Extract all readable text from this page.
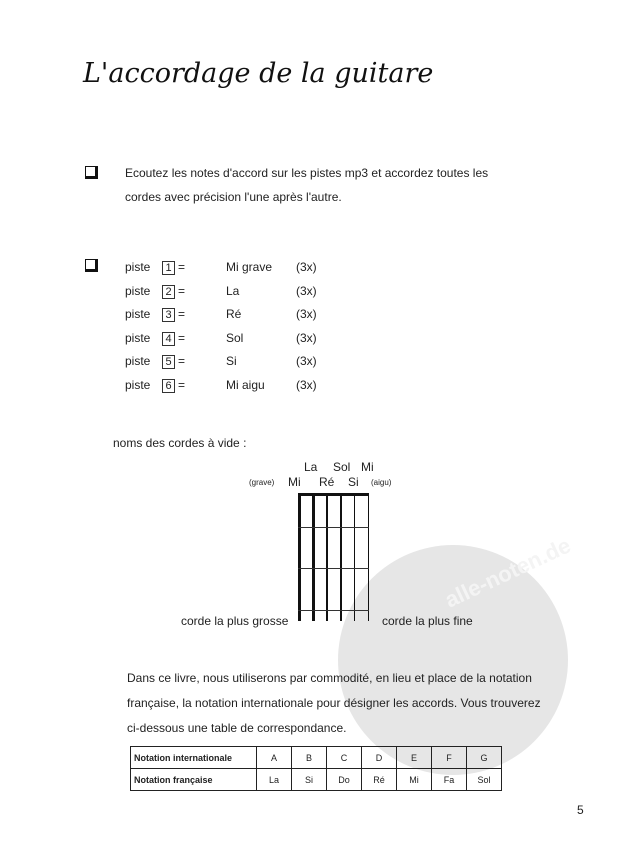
alle-noten.de
L'accordage de la guitare
Ecoutez les notes d'accord sur les pistes mp3 et accordez toutes les
cordes avec précision l'une après l'autre.
piste	1 =	Mi grave (3x)
piste	2 =	La	(3x)
piste	3 =	Ré	(3x)
piste	4 =	Sol	(3x)
piste	5 =	Si	(3x)
piste	6 =	Mi aigu	(3x)
noms des cordes à vide :
(grave) Mi
La
Ré
Sol
Si
Mi
(aigu)
corde la plus grosse	corde la plus fine
Dans ce livre, nous utiliserons par commodité, en lieu et place de la notation
française, la notation internationale pour désigner les accords. Vous trouverez
ci-dessous une table de correspondance.
Notation internationale	A	B	C	D	E	F	G
Notation française	La	Si	Do	Ré	Mi	Fa	Sol
5
